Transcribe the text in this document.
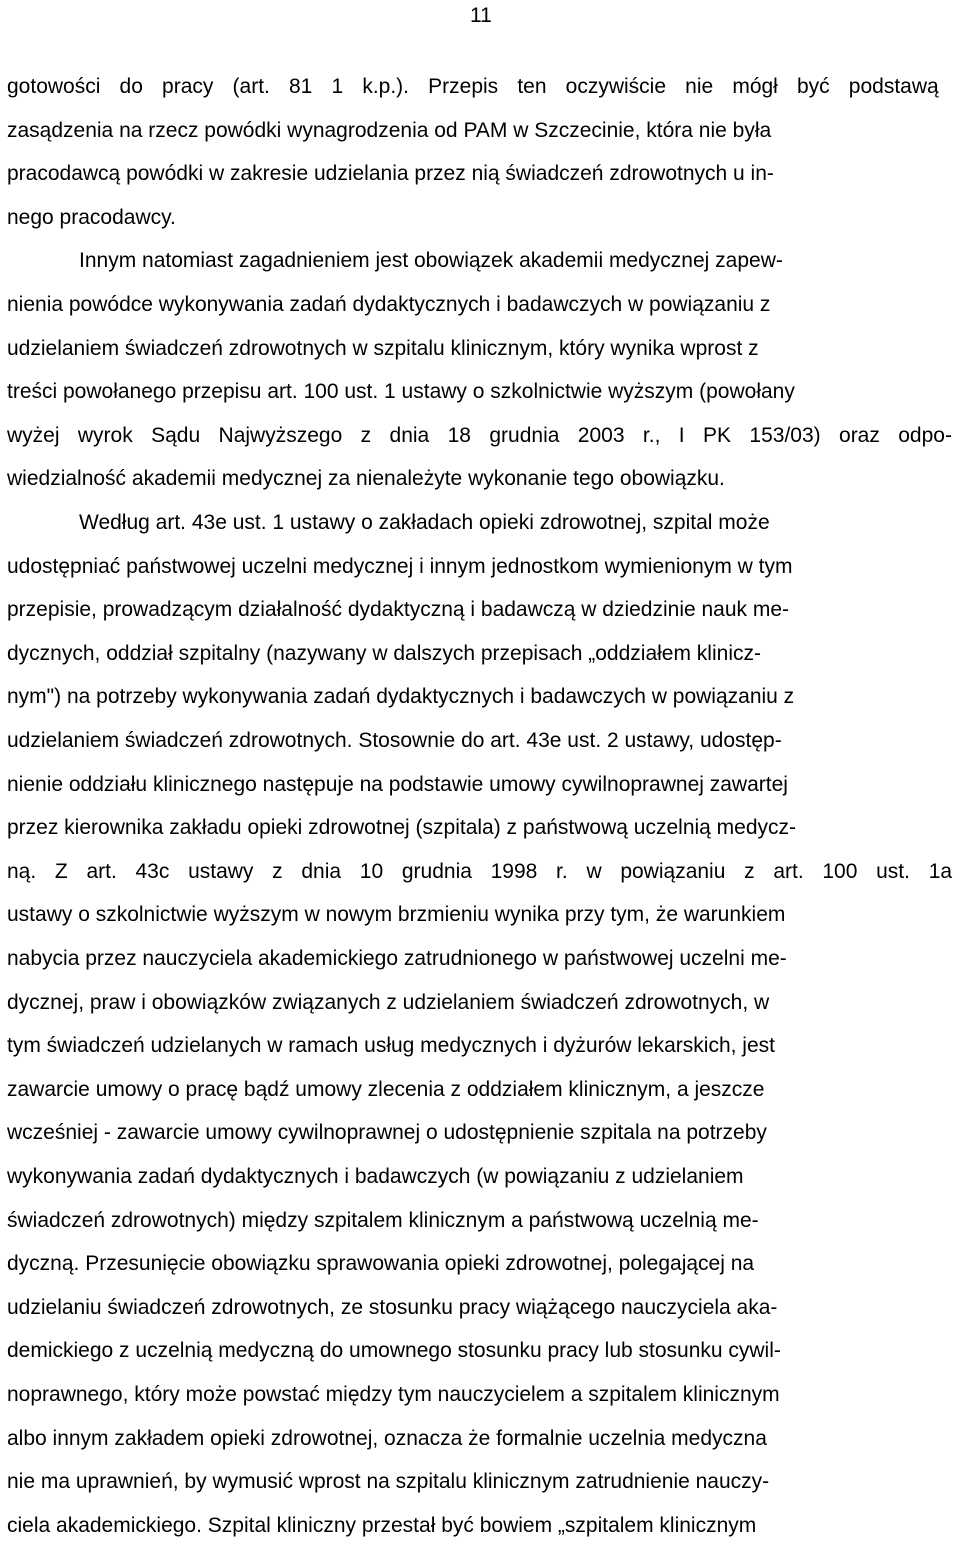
11
gotowości do pracy (art. 81 1 k.p.). Przepis ten oczywiście nie mógł być podstawą
zasądzenia na rzecz powódki wynagrodzenia od PAM w Szczecinie, która nie była
pracodawcą powódki w zakresie udzielania przez nią świadczeń zdrowotnych u in-
nego pracodawcy.
Innym natomiast zagadnieniem jest obowiązek akademii medycznej zapew-
nienia powódce wykonywania zadań dydaktycznych i badawczych w powiązaniu z
udzielaniem świadczeń zdrowotnych w szpitalu klinicznym, który wynika wprost z
treści powołanego przepisu art. 100 ust. 1 ustawy o szkolnictwie wyższym (powołany
wyżej wyrok Sądu Najwyższego z dnia 18 grudnia 2003 r., I PK 153/03) oraz odpo-
wiedzialność akademii medycznej za nienależyte wykonanie tego obowiązku.
Według art. 43e ust. 1 ustawy o zakładach opieki zdrowotnej, szpital może
udostępniać państwowej uczelni medycznej i innym jednostkom wymienionym w tym
przepisie, prowadzącym działalność dydaktyczną i badawczą w dziedzinie nauk me-
dycznych, oddział szpitalny (nazywany w dalszych przepisach „oddziałem klinicz-
nym") na potrzeby wykonywania zadań dydaktycznych i badawczych w powiązaniu z
udzielaniem świadczeń zdrowotnych. Stosownie do art. 43e ust. 2 ustawy, udostęp-
nienie oddziału klinicznego następuje na podstawie umowy cywilnoprawnej zawartej
przez kierownika zakładu opieki zdrowotnej (szpitala) z państwową uczelnią medycz-
ną. Z art. 43c ustawy z dnia 10 grudnia 1998 r. w powiązaniu z art. 100 ust. 1a
ustawy o szkolnictwie wyższym w nowym brzmieniu wynika przy tym, że warunkiem
nabycia przez nauczyciela akademickiego zatrudnionego w państwowej uczelni me-
dycznej, praw i obowiązków związanych z udzielaniem świadczeń zdrowotnych, w
tym świadczeń udzielanych w ramach usług medycznych i dyżurów lekarskich, jest
zawarcie umowy o pracę bądź umowy zlecenia z oddziałem klinicznym, a jeszcze
wcześniej - zawarcie umowy cywilnoprawnej o udostępnienie szpitala na potrzeby
wykonywania zadań dydaktycznych i badawczych (w powiązaniu z udzielaniem
świadczeń zdrowotnych) między szpitalem klinicznym a państwową uczelnią me-
dyczną. Przesunięcie obowiązku sprawowania opieki zdrowotnej, polegającej na
udzielaniu świadczeń zdrowotnych, ze stosunku pracy wiążącego nauczyciela aka-
demickiego z uczelnią medyczną do umownego stosunku pracy lub stosunku cywil-
noprawnego, który może powstać między tym nauczycielem a szpitalem klinicznym
albo innym zakładem opieki zdrowotnej, oznacza że formalnie uczelnia medyczna
nie ma uprawnień, by wymusić wprost na szpitalu klinicznym zatrudnienie nauczy-
ciela akademickiego. Szpital kliniczny przestał być bowiem „szpitalem klinicznym
